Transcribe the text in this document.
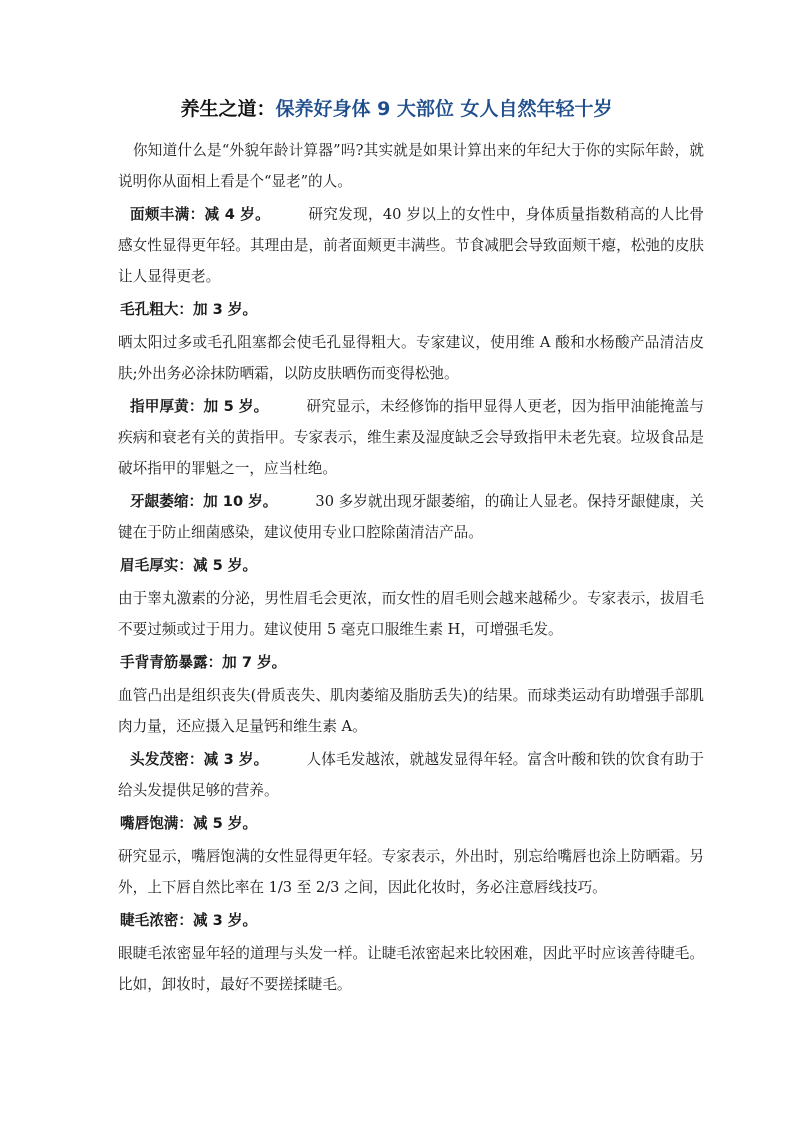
养生之道：保养好身体 9 大部位 女人自然年轻十岁

你知道什么是“外貌年龄计算器”吗?其实就是如果计算出来的年纪大于你的实际年龄，就说明你从面相上看是个“显老”的人。

面颊丰满：减 4 岁。	研究发现，40 岁以上的女性中，身体质量指数稍高的人比骨感女性显得更年轻。其理由是，前者面颊更丰满些。节食减肥会导致面颊干瘪，松弛的皮肤让人显得更老。

毛孔粗大：加 3 岁。

晒太阳过多或毛孔阻塞都会使毛孔显得粗大。专家建议，使用维 A 酸和水杨酸产品清洁皮肤;外出务必涂抹防晒霜，以防皮肤晒伤而变得松弛。

指甲厚黄：加 5 岁。	研究显示，未经修饰的指甲显得人更老，因为指甲油能掩盖与疾病和衰老有关的黄指甲。专家表示，维生素及湿度缺乏会导致指甲未老先衰。垃圾食品是破坏指甲的罪魁之一，应当杜绝。

牙龈萎缩：加 10 岁。	30 多岁就出现牙龈萎缩，的确让人显老。保持牙龈健康，关键在于防止细菌感染，建议使用专业口腔除菌清洁产品。

眉毛厚实：减 5 岁。

由于睾丸激素的分泌，男性眉毛会更浓，而女性的眉毛则会越来越稀少。专家表示，拔眉毛不要过频或过于用力。建议使用 5 毫克口服维生素 H，可增强毛发。

手背青筋暴露：加 7 岁。

血管凸出是组织丧失(骨质丧失、肌肉萎缩及脂肪丢失)的结果。而球类运动有助增强手部肌肉力量，还应摄入足量钙和维生素 A。

头发茂密：减 3 岁。	人体毛发越浓，就越发显得年轻。富含叶酸和铁的饮食有助于给头发提供足够的营养。

嘴唇饱满：减 5 岁。

研究显示，嘴唇饱满的女性显得更年轻。专家表示，外出时，别忘给嘴唇也涂上防晒霜。另外，上下唇自然比率在 1/3 至 2/3 之间，因此化妆时，务必注意唇线技巧。

睫毛浓密：减 3 岁。

眼睫毛浓密显年轻的道理与头发一样。让睫毛浓密起来比较困难，因此平时应该善待睫毛。比如，卸妆时，最好不要搓揉睫毛。
